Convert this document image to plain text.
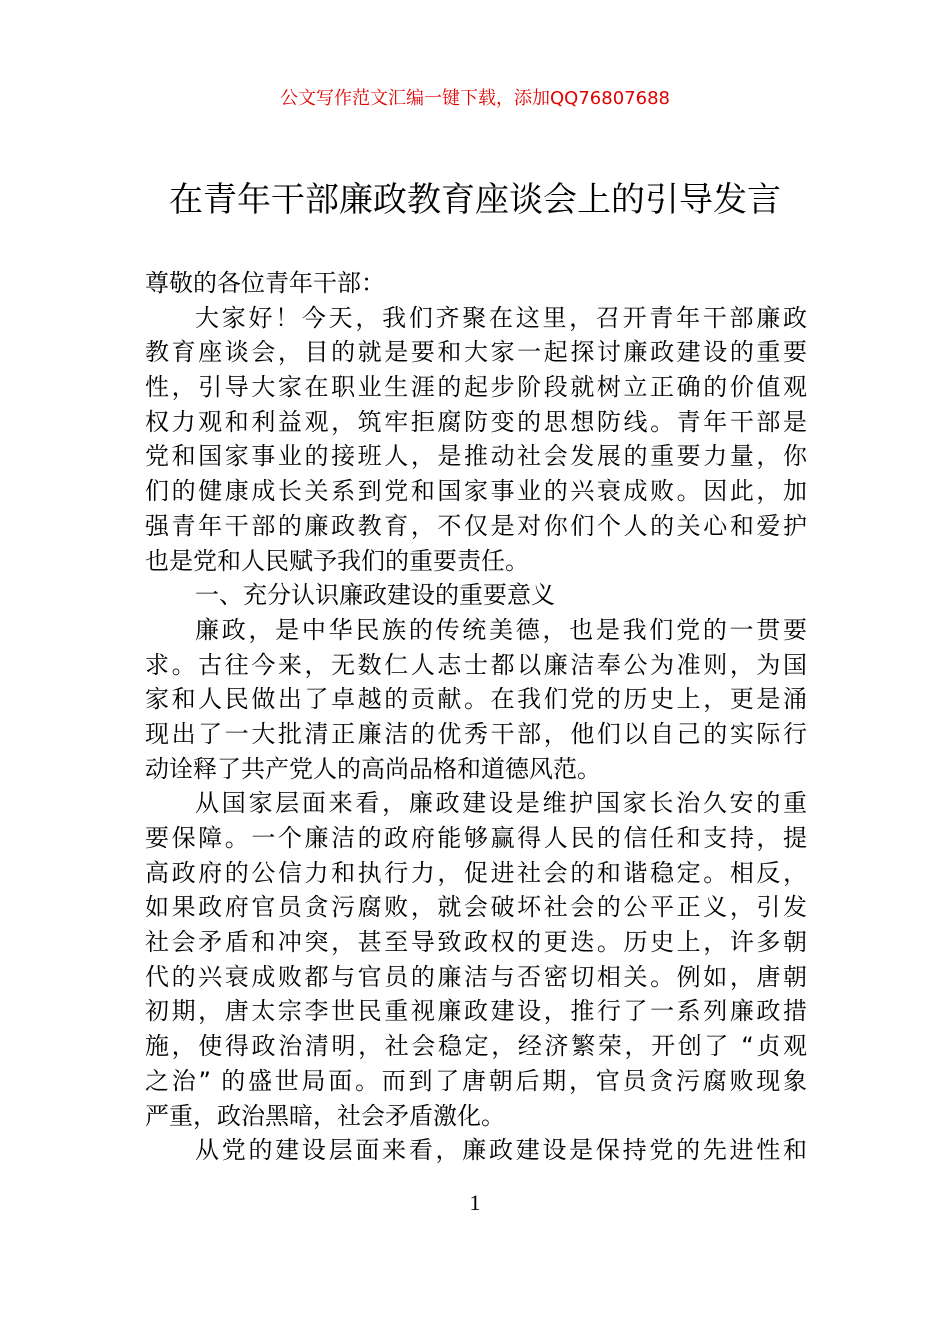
公文写作范文汇编一键下载，添加QQ76807688
在青年干部廉政教育座谈会上的引导发言
尊敬的各位青年干部：
大家好！今天，我们齐聚在这里，召开青年干部廉政
教育座谈会，目的就是要和大家一起探讨廉政建设的重要
性，引导大家在职业生涯的起步阶段就树立正确的价值观
权力观和利益观，筑牢拒腐防变的思想防线。青年干部是
党和国家事业的接班人，是推动社会发展的重要力量，你
们的健康成长关系到党和国家事业的兴衰成败。因此，加
强青年干部的廉政教育，不仅是对你们个人的关心和爱护
也是党和人民赋予我们的重要责任。
一、充分认识廉政建设的重要意义
廉政，是中华民族的传统美德，也是我们党的一贯要
求。古往今来，无数仁人志士都以廉洁奉公为准则，为国
家和人民做出了卓越的贡献。在我们党的历史上，更是涌
现出了一大批清正廉洁的优秀干部，他们以自己的实际行
动诠释了共产党人的高尚品格和道德风范。
从国家层面来看，廉政建设是维护国家长治久安的重
要保障。一个廉洁的政府能够赢得人民的信任和支持，提
高政府的公信力和执行力，促进社会的和谐稳定。相反，
如果政府官员贪污腐败，就会破坏社会的公平正义，引发
社会矛盾和冲突，甚至导致政权的更迭。历史上，许多朝
代的兴衰成败都与官员的廉洁与否密切相关。例如，唐朝
初期，唐太宗李世民重视廉政建设，推行了一系列廉政措
施，使得政治清明，社会稳定，经济繁荣，开创了 “贞观
之治” 的盛世局面。而到了唐朝后期，官员贪污腐败现象
严重，政治黑暗，社会矛盾激化。
从党的建设层面来看，廉政建设是保持党的先进性和
1
